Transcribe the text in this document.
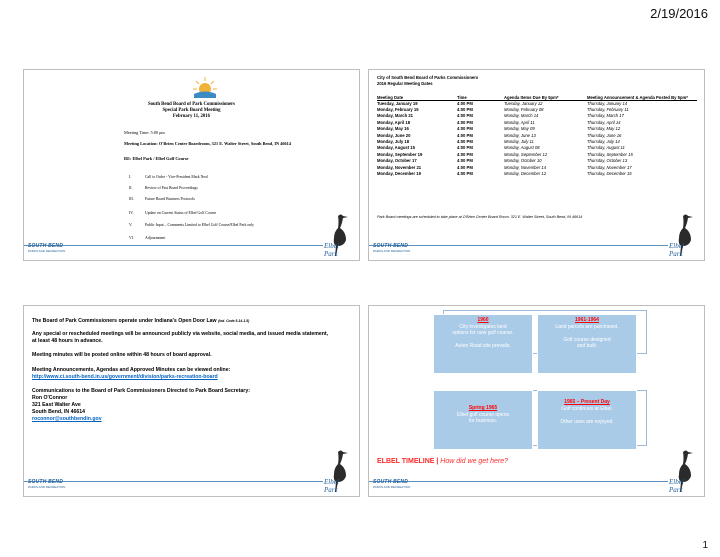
2/19/2016
South Bend Board of Park Commissioners
Special Park Board Meeting
February 11, 2016
Meeting Time: 5:00 pm
Meeting Location: O'Brien Center Boardroom, 321 E. Walter Street, South Bend, IN 46614
RE: Elbel Park / Elbel Golf Course
I.	Call to Order - Vice-President Mark Neal
II.	Review of Past Board Proceedings
III.	Future Board Business Protocols
IV.	Update on Current Status of Elbel Golf Course
V.	Public Input – Comments Limited to Elbel Golf Course/Elbel Park only
VI.	Adjournment
SOUTH BEND
PARKS AND RECREATION
Elbel Park
City of South Bend Board of Parks Commissioners
2016 Regular Meeting Dates
Meeting Date	Time	Agenda Items Due By 5pm*	Meeting Announcement & Agenda Posted By 5pm*
Tuesday, January 19	4:00 PM	Tuesday, January 12	Thursday, January 14
Monday, February 15	4:00 PM	Monday, February 08	Thursday, February 11
Monday, March 21	4:00 PM	Monday, March 14	Thursday, March 17
Monday, April 18	4:00 PM	Monday, April 11	Thursday, April 14
Monday, May 16	4:00 PM	Monday, May 09	Thursday, May 12
Monday, June 20	4:00 PM	Monday, June 13	Thursday, June 16
Monday, July 18	4:00 PM	Monday, July 11	Thursday, July 14
Monday, August 15	4:00 PM	Monday, August 08	Thursday, August 11
Monday, September 19	4:00 PM	Monday, September 12	Thursday, September 15
Monday, October 17	4:00 PM	Monday, October 10	Thursday, October 13
Monday, November 21	4:00 PM	Monday, November 14	Thursday, November 17
Monday, December 19	4:00 PM	Monday, December 12	Thursday, December 15
Park Board meetings are scheduled to take place at O'Brien Center Board Room. 321 E. Walter Street, South Bend, IN 46614
SOUTH BEND
PARKS AND RECREATION
Elbel Park
The Board of Park Commissioners operate under Indiana's Open Door Law (Ind. Code 5-14-1.5)
Any special or rescheduled meetings will be announced publicly via website, social media, and issued media statement, at least 48 hours in advance.
Meeting minutes will be posted online within 48 hours of board approval.
Meeting Announcements, Agendas and Approved Minutes can be viewed online:
http://www.ci.south-bend.in.us/government/division/parks-recreation-board
Communications to the Board of Park Commissioners Directed to Park Board Secretary:
Ron O'Connor
321 East Walter Ave
South Bend, IN 46614
roconnor@southbendin.gov
SOUTH BEND
PARKS AND RECREATION
Elbel Park
1960
City investigates land
options for new golf course.
Auten Road site prevails.
1961-1964
Land parcels are purchased.
Golf course designed
and built.
Spring 1965
Elbel golf course opens
for business.
1965 – Present Day
Golf continues at Elbel.
Other uses are enjoyed.
ELBEL TIMELINE | How did we get here?
SOUTH BEND
PARKS AND RECREATION
Elbel Park
1
